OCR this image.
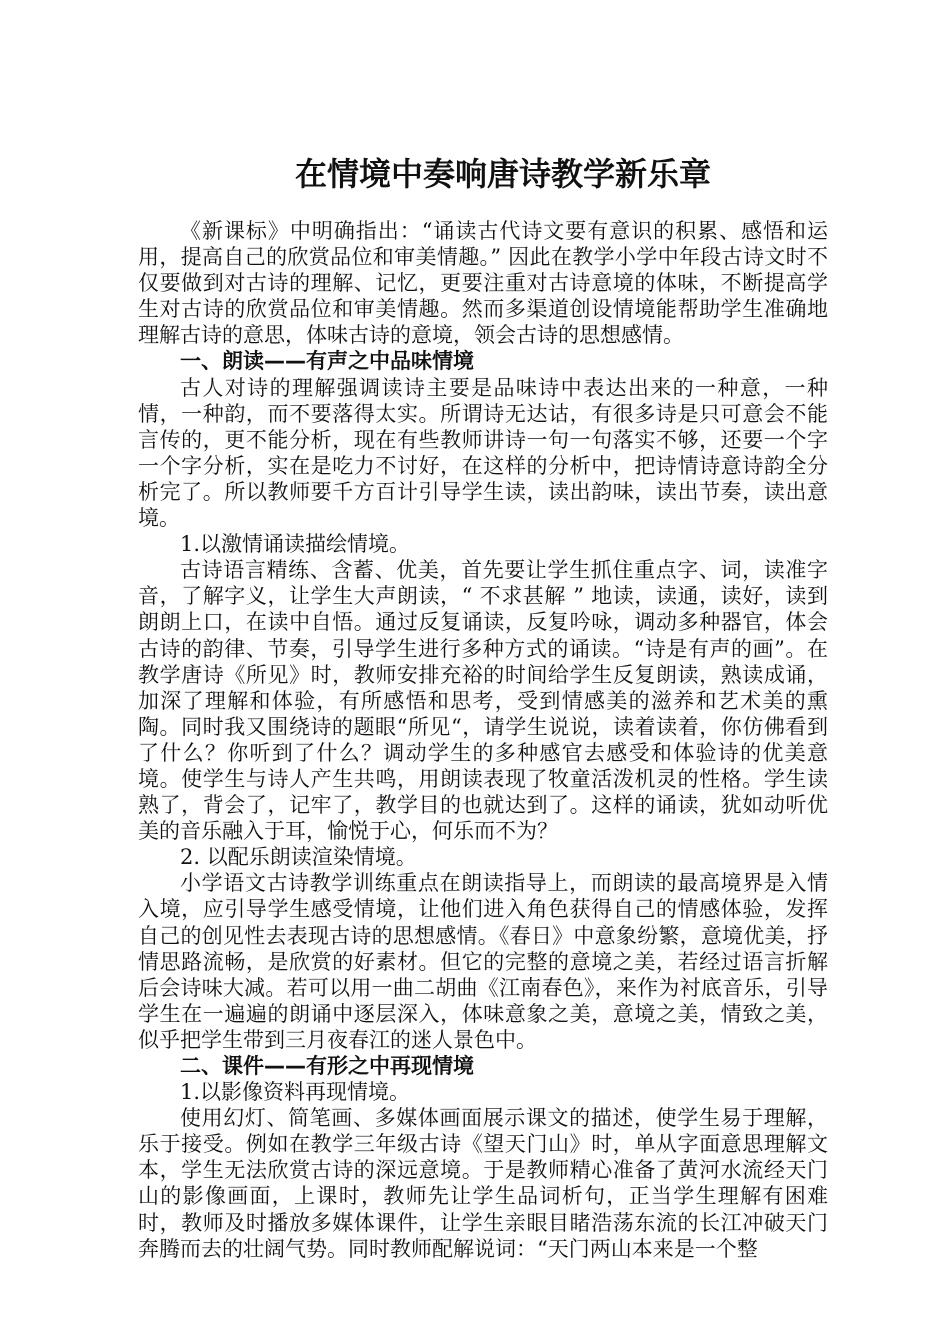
在情境中奏响唐诗教学新乐章

《新课标》中明确指出：“诵读古代诗文要有意识的积累、感悟和运用，提高自己的欣赏品位和审美情趣。” 因此在教学小学中年段古诗文时不仅要做到对古诗的理解、记忆，更要注重对古诗意境的体味，不断提高学生对古诗的欣赏品位和审美情趣。然而多渠道创设情境能帮助学生准确地理解古诗的意思，体味古诗的意境，领会古诗的思想感情。

一、朗读——有声之中品味情境

古人对诗的理解强调读诗主要是品味诗中表达出来的一种意，一种情，一种韵，而不要落得太实。所谓诗无达诂，有很多诗是只可意会不能言传的，更不能分析，现在有些教师讲诗一句一句落实不够，还要一个字一个字分析，实在是吃力不讨好，在这样的分析中，把诗情诗意诗韵全分析完了。所以教师要千方百计引导学生读，读出韵味，读出节奏，读出意境。

1.以激情诵读描绘情境。

古诗语言精练、含蓄、优美，首先要让学生抓住重点字、词，读准字音，了解字义，让学生大声朗读，“ 不求甚解 ” 地读，读通，读好，读到朗朗上口，在读中自悟。通过反复诵读，反复吟咏，调动多种器官，体会古诗的韵律、节奏，引导学生进行多种方式的诵读。“诗是有声的画”。在教学唐诗《所见》时，教师安排充裕的时间给学生反复朗读，熟读成诵，加深了理解和体验，有所感悟和思考，受到情感美的滋养和艺术美的熏陶。同时我又围绕诗的题眼“所见“，请学生说说，读着读着，你仿佛看到了什么？你听到了什么？调动学生的多种感官去感受和体验诗的优美意境。使学生与诗人产生共鸣，用朗读表现了牧童活泼机灵的性格。学生读熟了，背会了，记牢了，教学目的也就达到了。这样的诵读，犹如动听优美的音乐融入于耳，愉悦于心，何乐而不为？

2. 以配乐朗读渲染情境。

小学语文古诗教学训练重点在朗读指导上，而朗读的最高境界是入情入境，应引导学生感受情境，让他们进入角色获得自己的情感体验，发挥自己的创见性去表现古诗的思想感情。《春日》中意象纷繁，意境优美，抒情思路流畅，是欣赏的好素材。但它的完整的意境之美，若经过语言折解后会诗味大减。若可以用一曲二胡曲《江南春色》，来作为衬底音乐，引导学生在一遍遍的朗诵中逐层深入，体味意象之美，意境之美，情致之美，似乎把学生带到三月夜春江的迷人景色中。

二、课件——有形之中再现情境

1.以影像资料再现情境。

使用幻灯、简笔画、多媒体画面展示课文的描述，使学生易于理解，乐于接受。例如在教学三年级古诗《望天门山》时，单从字面意思理解文本，学生无法欣赏古诗的深远意境。于是教师精心准备了黄河水流经天门山的影像画面，上课时，教师先让学生品词析句，正当学生理解有困难时，教师及时播放多媒体课件，让学生亲眼目睹浩荡东流的长江冲破天门奔腾而去的壮阔气势。同时教师配解说词：“天门两山本来是一个整
